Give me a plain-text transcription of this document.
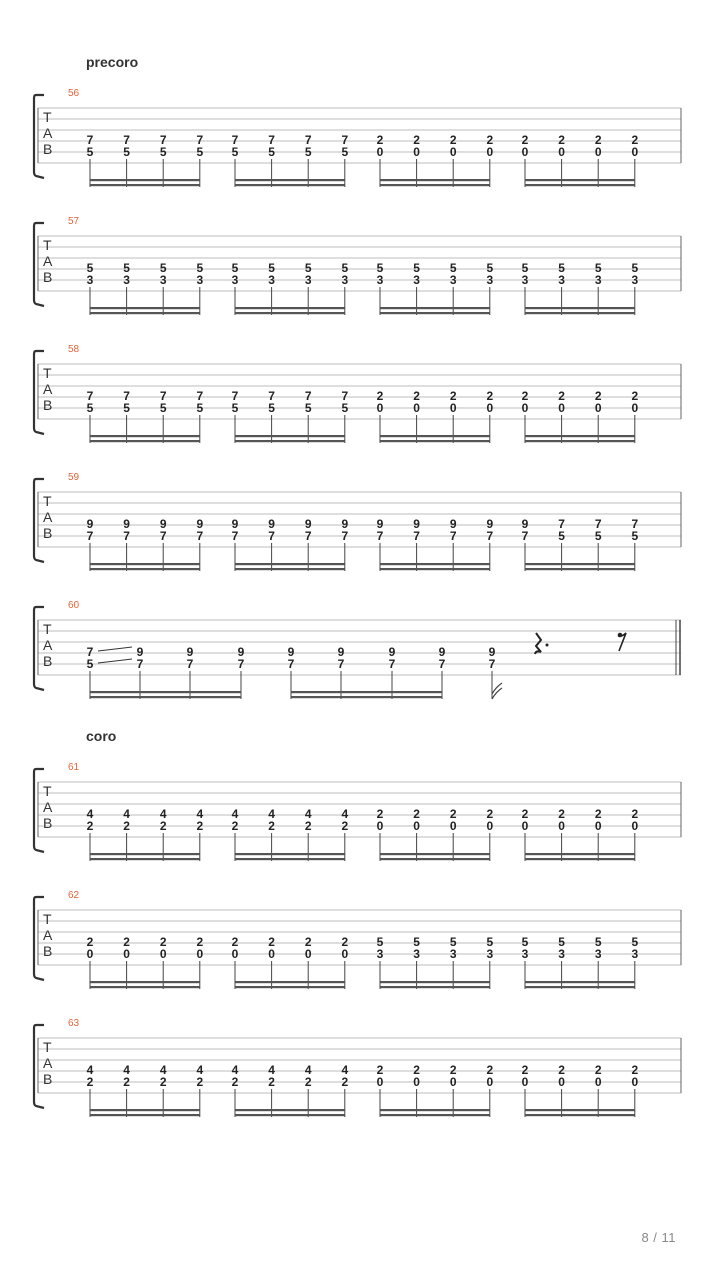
precoro
coro
56
T
A
B
7
5
7
5
7
5
7
5
7
5
7
5
7
5
7
5
2
0
2
0
2
0
2
0
2
0
2
0
2
0
2
0
57
T
A
B
5
3
5
3
5
3
5
3
5
3
5
3
5
3
5
3
5
3
5
3
5
3
5
3
5
3
5
3
5
3
5
3
58
T
A
B
7
5
7
5
7
5
7
5
7
5
7
5
7
5
7
5
2
0
2
0
2
0
2
0
2
0
2
0
2
0
2
0
59
T
A
B
9
7
9
7
9
7
9
7
9
7
9
7
9
7
9
7
9
7
9
7
9
7
9
7
9
7
7
5
7
5
7
5
60
T
A
B
7
5
9
7
9
7
9
7
9
7
9
7
9
7
9
7
9
7
61
T
A
B
4
2
4
2
4
2
4
2
4
2
4
2
4
2
4
2
2
0
2
0
2
0
2
0
2
0
2
0
2
0
2
0
62
T
A
B
2
0
2
0
2
0
2
0
2
0
2
0
2
0
2
0
5
3
5
3
5
3
5
3
5
3
5
3
5
3
5
3
63
T
A
B
4
2
4
2
4
2
4
2
4
2
4
2
4
2
4
2
2
0
2
0
2
0
2
0
2
0
2
0
2
0
2
0
8 / 11
